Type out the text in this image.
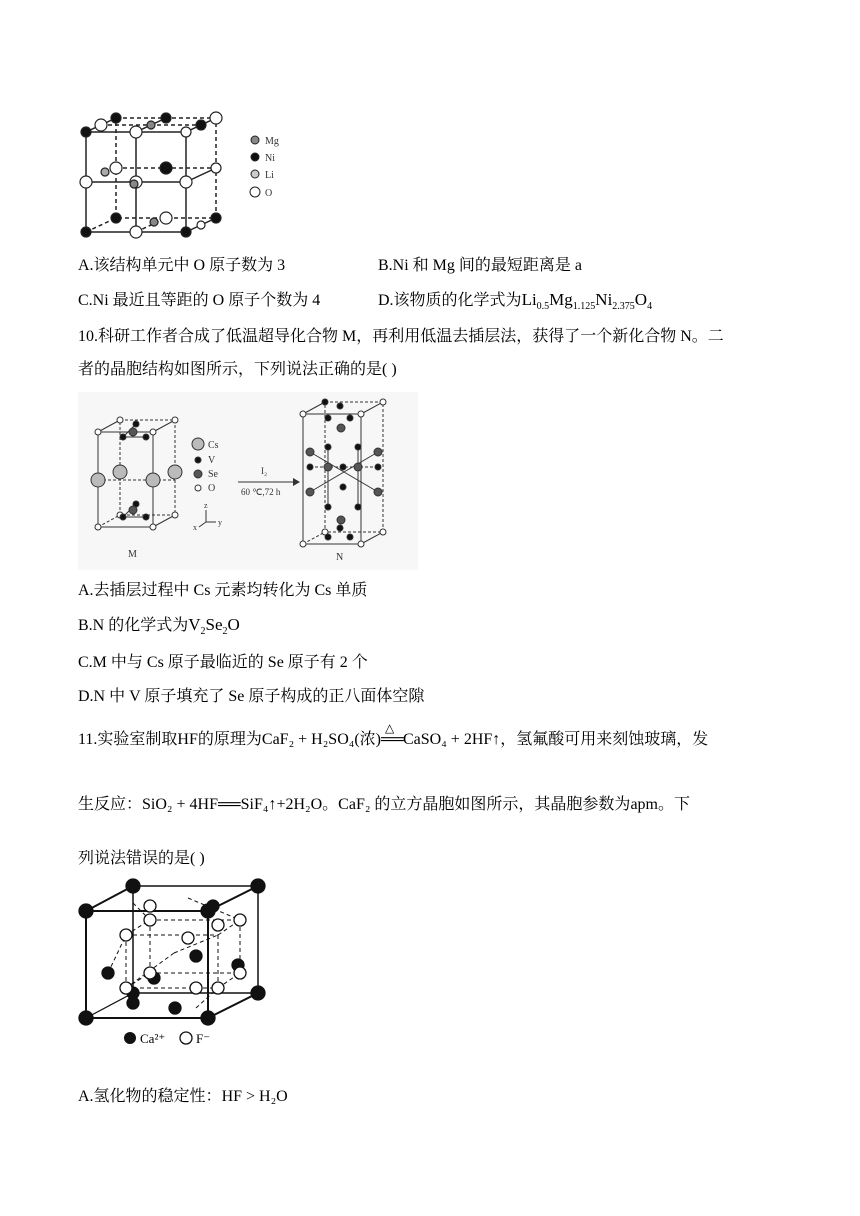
Mg
Ni
Li
O
A.该结构单元中 O 原子数为 3	B.Ni 和 Mg 间的最短距离是 a
C.Ni 最近且等距的 O 原子个数为 4	D.该物质的化学式为$Li_{0.5}Mg_{1.125}Ni_{2.375}O_4$
10.科研工作者合成了低温超导化合物 M，再利用低温去插层法，获得了一个新化合物 N。二
者的晶胞结构如图所示，下列说法正确的是( )
Cs
V
Se
O
z
x
y
M
I₂
60 ℃,72 h
N
A.去插层过程中 Cs 元素均转化为 Cs 单质
B.N 的化学式为$V_2Se_2O$
C.M 中与 Cs 原子最临近的 Se 原子有 2 个
D.N 中 V 原子填充了 Se 原子构成的正八面体空隙
11.实验室制取HF的原理为CaF₂ + H₂SO₄(浓)
△
══CaSO₄ + 2HF↑，氢氟酸可用来刻蚀玻璃，发
生反应：SiO₂ + 4HF══SiF₄↑+2H₂O。CaF₂ 的立方晶胞如图所示，其晶胞参数为apm。下
列说法错误的是( )
Ca²⁺ F⁻
A.氢化物的稳定性：HF > H₂O
